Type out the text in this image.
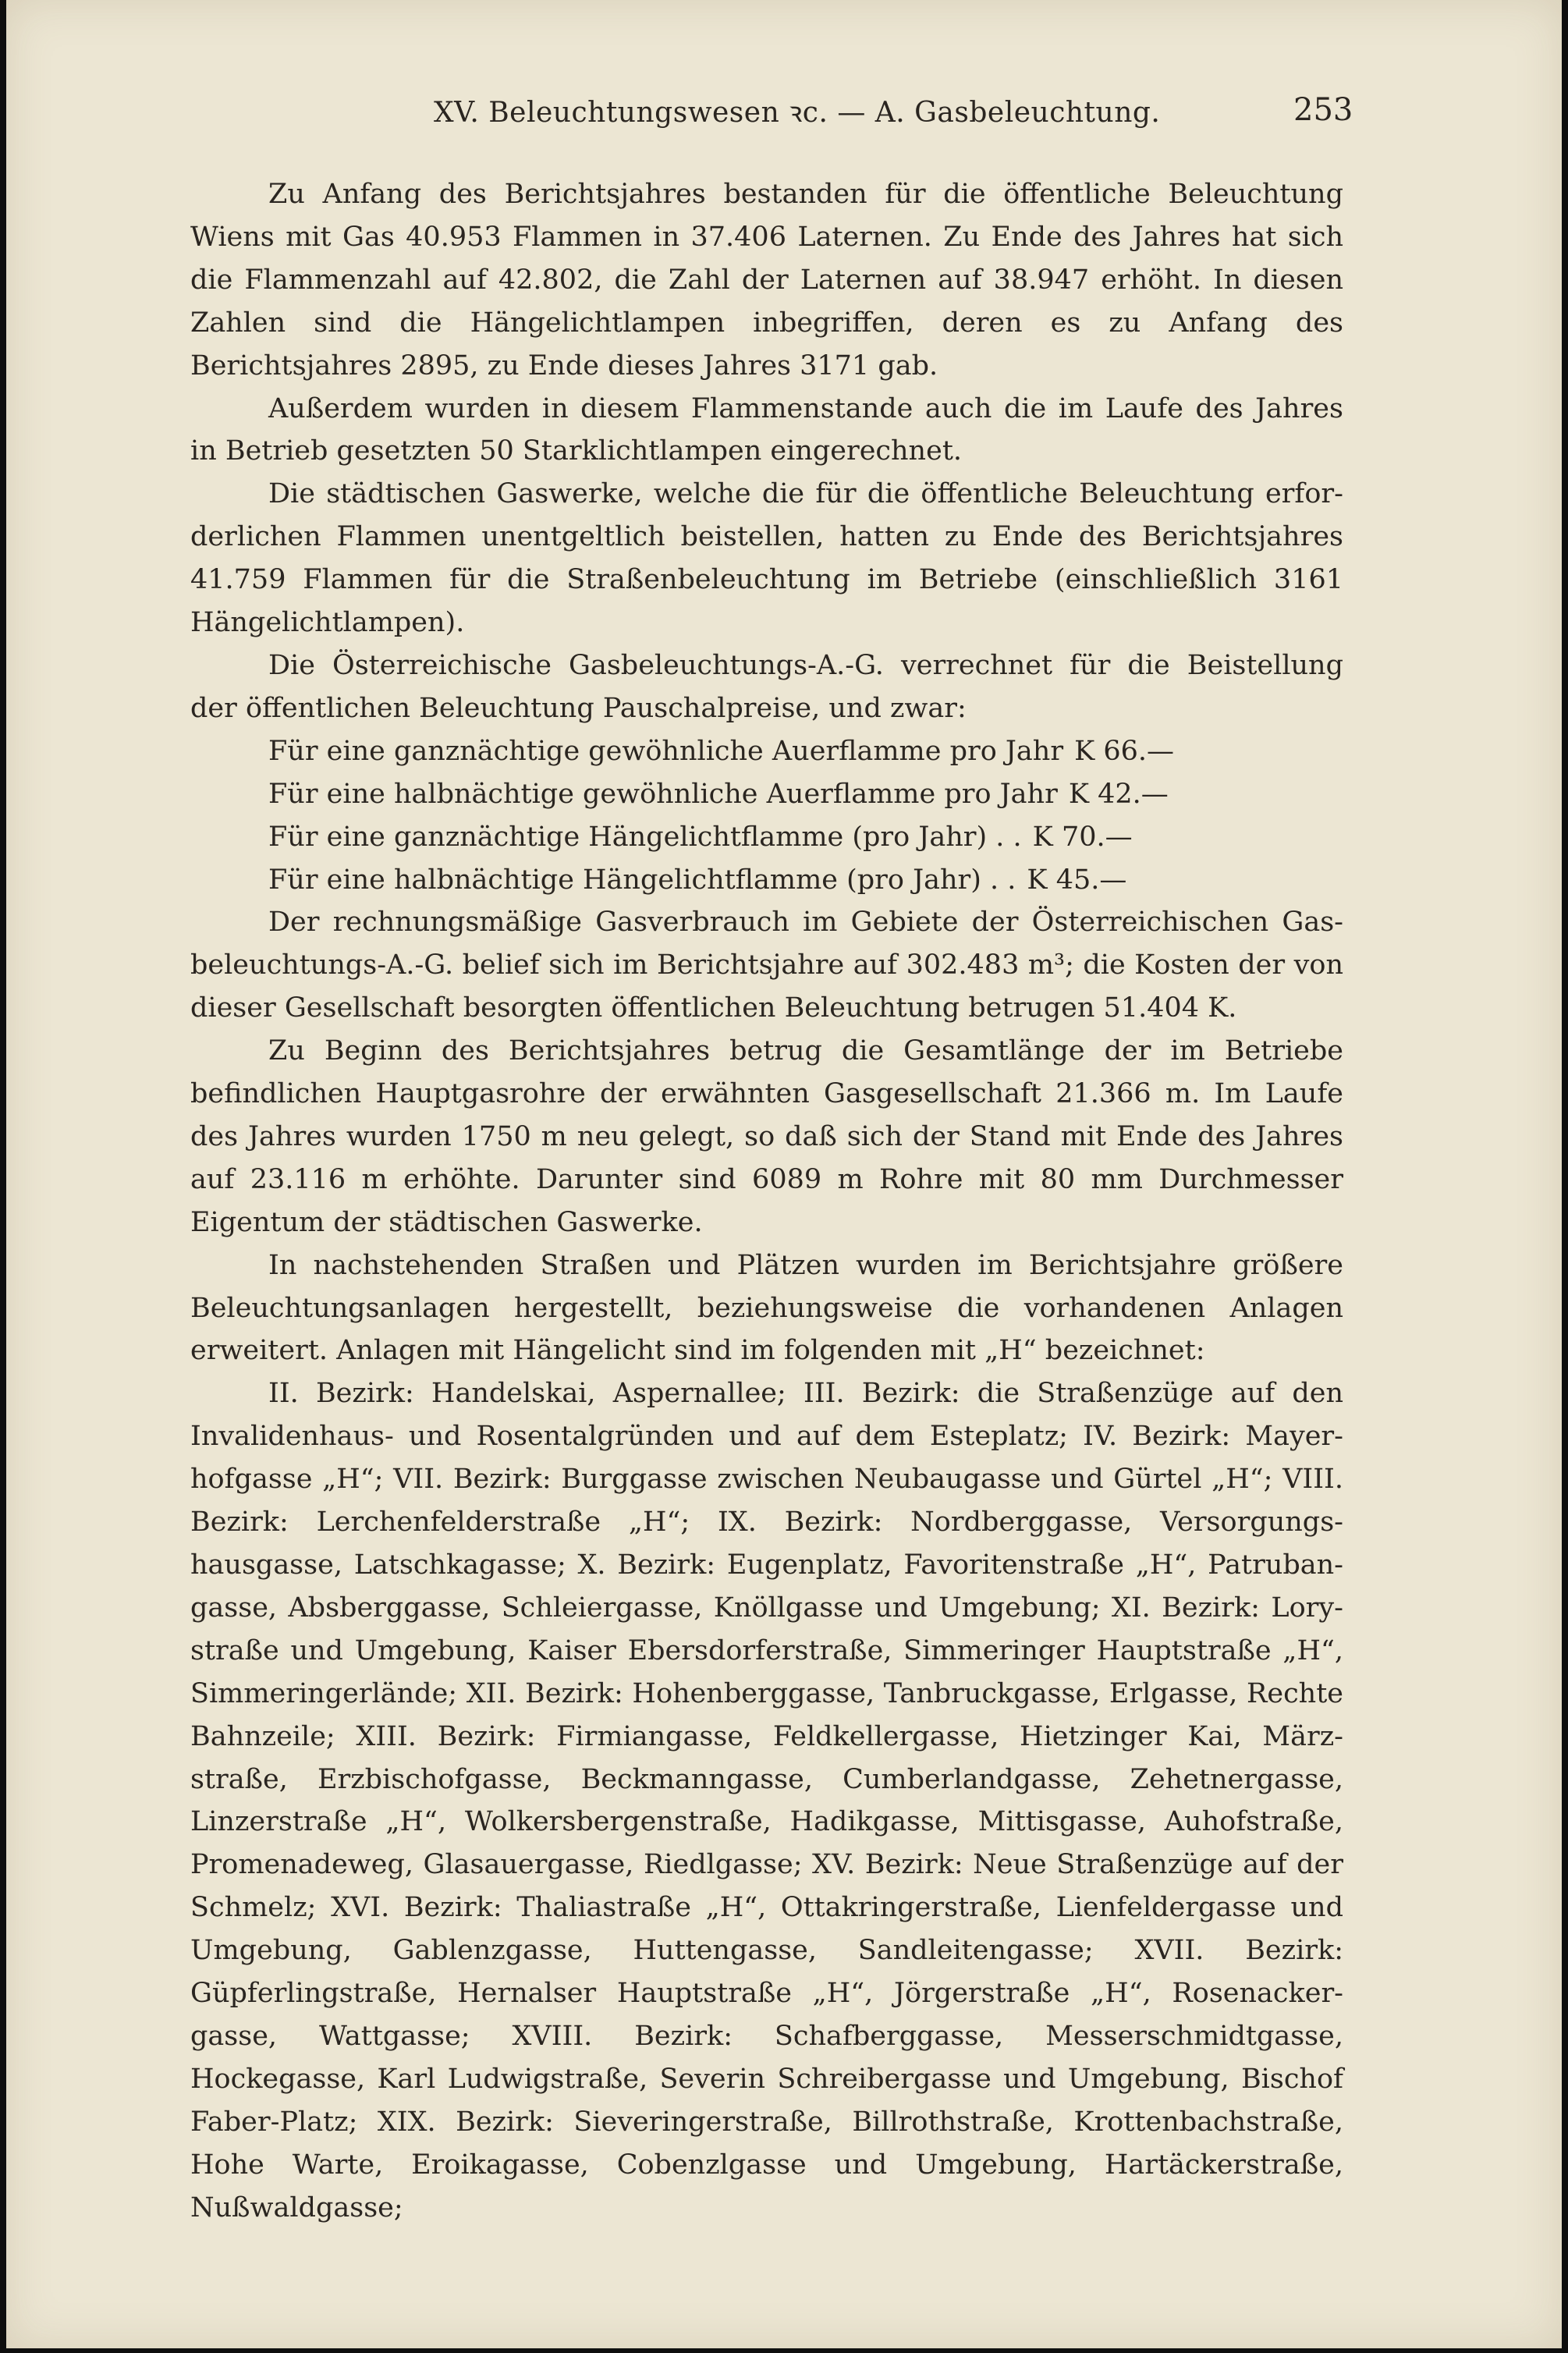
XV. Beleuchtungswesen ꝛc. — A. Gasbeleuchtung.	253

Zu Anfang des Berichtsjahres bestanden für die öffentliche Beleuchtung Wiens mit Gas 40.953 Flammen in 37.406 Laternen. Zu Ende des Jahres hat sich die Flammenzahl auf 42.802, die Zahl der Laternen auf 38.947 erhöht. In diesen Zahlen sind die Hängelichtlampen inbegriffen, deren es zu Anfang des Berichtsjahres 2895, zu Ende dieses Jahres 3171 gab.

Außerdem wurden in diesem Flammenstande auch die im Laufe des Jahres in Betrieb gesetzten 50 Starklichtlampen eingerechnet.

Die städtischen Gaswerke, welche die für die öffentliche Beleuchtung erforderlichen Flammen unentgeltlich beistellen, hatten zu Ende des Berichtsjahres 41.759 Flammen für die Straßenbeleuchtung im Betriebe (einschließlich 3161 Hängelichtlampen).

Die Österreichische Gasbeleuchtungs-A.-G. verrechnet für die Beistellung der öffentlichen Beleuchtung Pauschalpreise, und zwar:

Für eine ganznächtige gewöhnliche Auerflamme pro Jahr K 66.—
Für eine halbnächtige gewöhnliche Auerflamme pro Jahr K 42.—
Für eine ganznächtige Hängelichtflamme (pro Jahr) . . K 70.—
Für eine halbnächtige Hängelichtflamme (pro Jahr) . . K 45.—

Der rechnungsmäßige Gasverbrauch im Gebiete der Österreichischen Gasbeleuchtungs-A.-G. belief sich im Berichtsjahre auf 302.483 m³; die Kosten der von dieser Gesellschaft besorgten öffentlichen Beleuchtung betrugen 51.404 K.

Zu Beginn des Berichtsjahres betrug die Gesamtlänge der im Betriebe befindlichen Hauptgasrohre der erwähnten Gasgesellschaft 21.366 m. Im Laufe des Jahres wurden 1750 m neu gelegt, so daß sich der Stand mit Ende des Jahres auf 23.116 m erhöhte. Darunter sind 6089 m Rohre mit 80 mm Durchmesser Eigentum der städtischen Gaswerke.

In nachstehenden Straßen und Plätzen wurden im Berichtsjahre größere Beleuchtungsanlagen hergestellt, beziehungsweise die vorhandenen Anlagen erweitert. Anlagen mit Hängelicht sind im folgenden mit „H“ bezeichnet:

II. Bezirk: Handelskai, Aspernallee; III. Bezirk: die Straßenzüge auf den Invalidenhaus- und Rosentalgründen und auf dem Esteplatz; IV. Bezirk: Mayerhofgasse „H“; VII. Bezirk: Burggasse zwischen Neubaugasse und Gürtel „H“; VIII. Bezirk: Lerchenfelderstraße „H“; IX. Bezirk: Nordberggasse, Versorgungshausgasse, Latschkagasse; X. Bezirk: Eugenplatz, Favoritenstraße „H“, Patrubangasse, Absberggasse, Schleiergasse, Knöllgasse und Umgebung; XI. Bezirk: Lorystraße und Umgebung, Kaiser Ebersdorferstraße, Simmeringer Hauptstraße „H“, Simmeringerlände; XII. Bezirk: Hohenberggasse, Tanbruckgasse, Erlgasse, Rechte Bahnzeile; XIII. Bezirk: Firmiangasse, Feldkellergasse, Hietzinger Kai, Märzstraße, Erzbischofgasse, Beckmanngasse, Cumberlandgasse, Zehetnergasse, Linzerstraße „H“, Wolkersbergenstraße, Hadikgasse, Mittisgasse, Auhofstraße, Promenadeweg, Glasauergasse, Riedlgasse; XV. Bezirk: Neue Straßenzüge auf der Schmelz; XVI. Bezirk: Thaliastraße „H“, Ottakringerstraße, Lienfeldergasse und Umgebung, Gablenzgasse, Huttengasse, Sandleitengasse; XVII. Bezirk: Güpferlingstraße, Hernalser Hauptstraße „H“, Jörgerstraße „H“, Rosenackergasse, Wattgasse; XVIII. Bezirk: Schafberggasse, Messerschmidtgasse, Hockegasse, Karl Ludwigstraße, Severin Schreibergasse und Umgebung, Bischof Faber-Platz; XIX. Bezirk: Sieveringerstraße, Billrothstraße, Krottenbachstraße, Hohe Warte, Eroikagasse, Cobenzlgasse und Umgebung, Hartäckerstraße, Nußwaldgasse;
